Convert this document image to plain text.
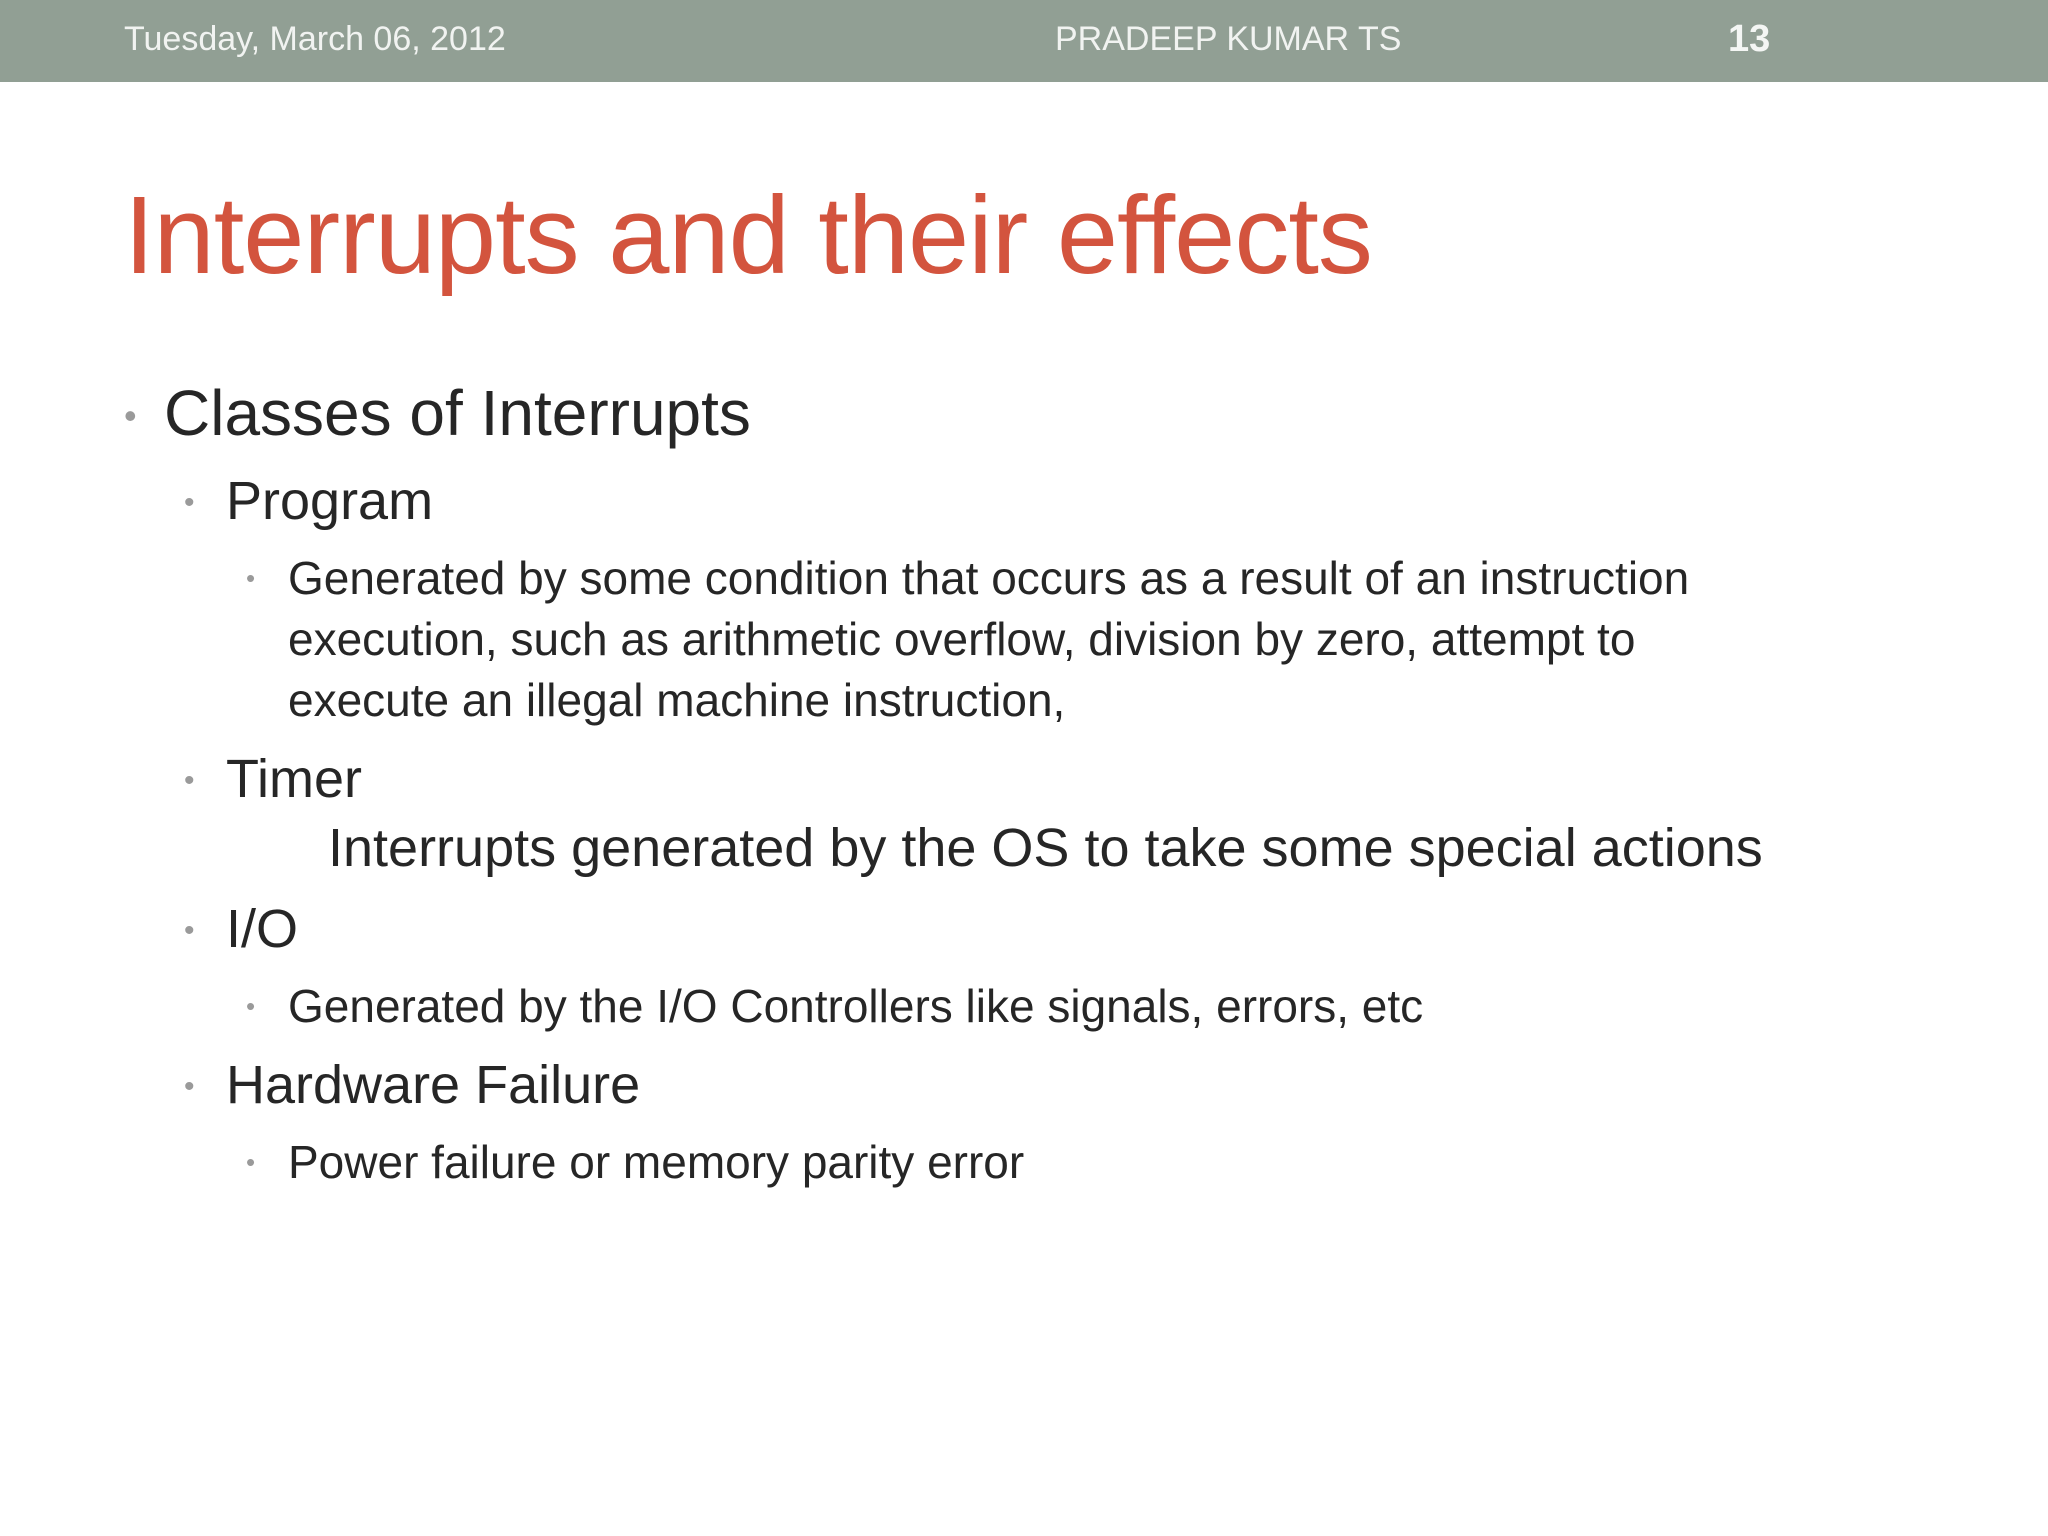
Tuesday, March 06, 2012	PRADEEP KUMAR TS	13
Interrupts and their effects
• Classes of Interrupts
• Program
• Generated by some condition that occurs as a result of an instruction
execution, such as arithmetic overflow, division by zero, attempt to
execute an illegal machine instruction,
• Timer
Interrupts generated by the OS to take some special actions
• I/O
• Generated by the I/O Controllers like signals, errors, etc
• Hardware Failure
• Power failure or memory parity error
